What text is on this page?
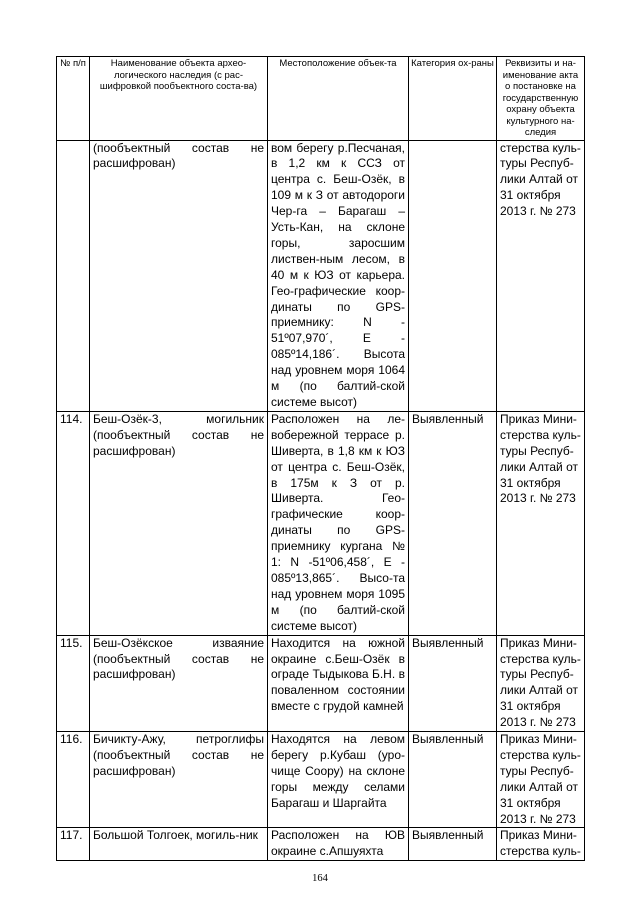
№ п/п	Наименование объекта архео-логического наследия (с рас-шифровкой пообъектного соста-ва)	Местоположение объек-та	Категория ох-раны	Реквизиты и на-именование акта о постановке на государственную охрану объекта культурного на-следия
	(пообъектный состав не расшифрован)	вом берегу р.Песчаная, в 1,2 км к ССЗ от центра с. Беш-Озёк, в 109 м к З от автодороги Чер-га – Барагаш – Усть-Кан, на склоне горы, заросшим листвен-ным лесом, в 40 м к ЮЗ от карьера. Гео-графические коор-динаты по GPS-приемнику: N - 51º07,970´, Е - 085º14,186´. Высота над уровнем моря 1064 м (по балтий-ской системе высот)		стерства куль-туры Респуб-лики Алтай от 31 октября 2013 г. № 273
114.	Беш-Озёк-3, могильник (пообъектный состав не расшифрован)	Расположен на ле-вобережной террасе р. Шиверта, в 1,8 км к ЮЗ от центра с. Беш-Озёк, в 175м к З от р. Шиверта. Гео-графические коор-динаты по GPS-приемнику кургана № 1: N -51º06,458´, Е - 085º13,865´. Высо-та над уровнем моря 1095 м (по балтий-ской системе высот)	Выявленный	Приказ Мини-стерства куль-туры Респуб-лики Алтай от 31 октября 2013 г. № 273
115.	Беш-Озёкское изваяние (пообъектный состав не расшифрован)	Находится на южной окраине с.Беш-Озёк в ограде Тыдыкова Б.Н. в поваленном состоянии вместе с грудой камней	Выявленный	Приказ Мини-стерства куль-туры Респуб-лики Алтай от 31 октября 2013 г. № 273
116.	Бичикту-Ажу, петроглифы (пообъектный состав не расшифрован)	Находятся на левом берегу р.Кубаш (уро-чище Соору) на склоне горы между селами Барагаш и Шаргайта	Выявленный	Приказ Мини-стерства куль-туры Респуб-лики Алтай от 31 октября 2013 г. № 273
117.	Большой Толгоек, могиль-ник	Расположен на ЮВ окраине с.Апшуяхта	Выявленный	Приказ Мини-стерства куль-
164
